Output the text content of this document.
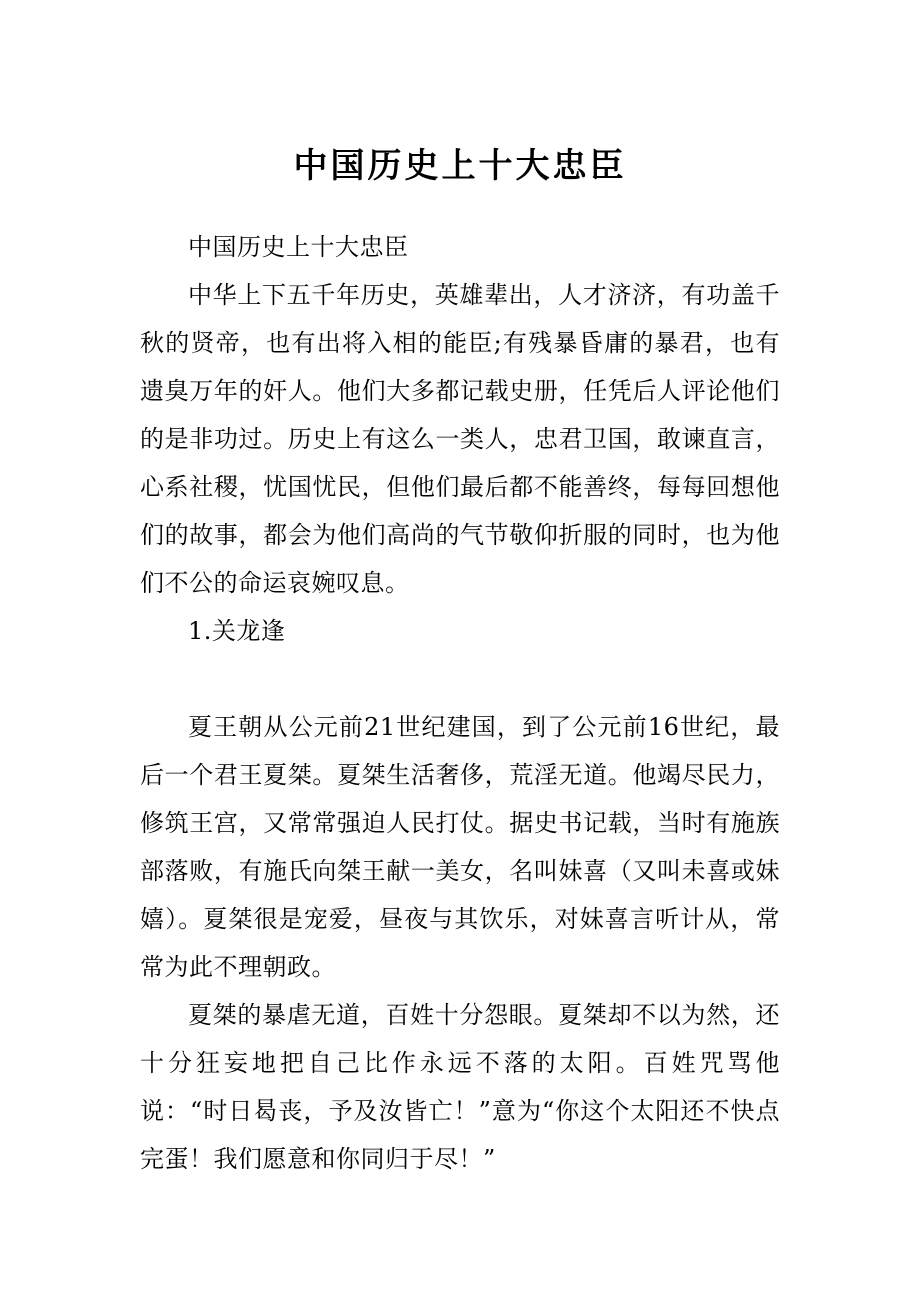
中国历史上十大忠臣

中国历史上十大忠臣

中华上下五千年历史，英雄辈出，人才济济，有功盖千秋的贤帝，也有出将入相的能臣;有残暴昏庸的暴君，也有遗臭万年的奸人。他们大多都记载史册，任凭后人评论他们的是非功过。历史上有这么一类人，忠君卫国，敢谏直言，心系社稷，忧国忧民，但他们最后都不能善终，每每回想他们的故事，都会为他们高尚的气节敬仰折服的同时，也为他们不公的命运哀婉叹息。

1.关龙逢

夏王朝从公元前21世纪建国，到了公元前16世纪，最后一个君王夏桀。夏桀生活奢侈，荒淫无道。他竭尽民力，修筑王宫，又常常强迫人民打仗。据史书记载，当时有施族部落败，有施氏向桀王献一美女，名叫妹喜（又叫未喜或妹嬉）。夏桀很是宠爱，昼夜与其饮乐，对妹喜言听计从，常常为此不理朝政。

夏桀的暴虐无道，百姓十分怨眼。夏桀却不以为然，还十分狂妄地把自己比作永远不落的太阳。百姓咒骂他说：“时日曷丧，予及汝皆亡！”意为“你这个太阳还不快点完蛋！我们愿意和你同归于尽！”
